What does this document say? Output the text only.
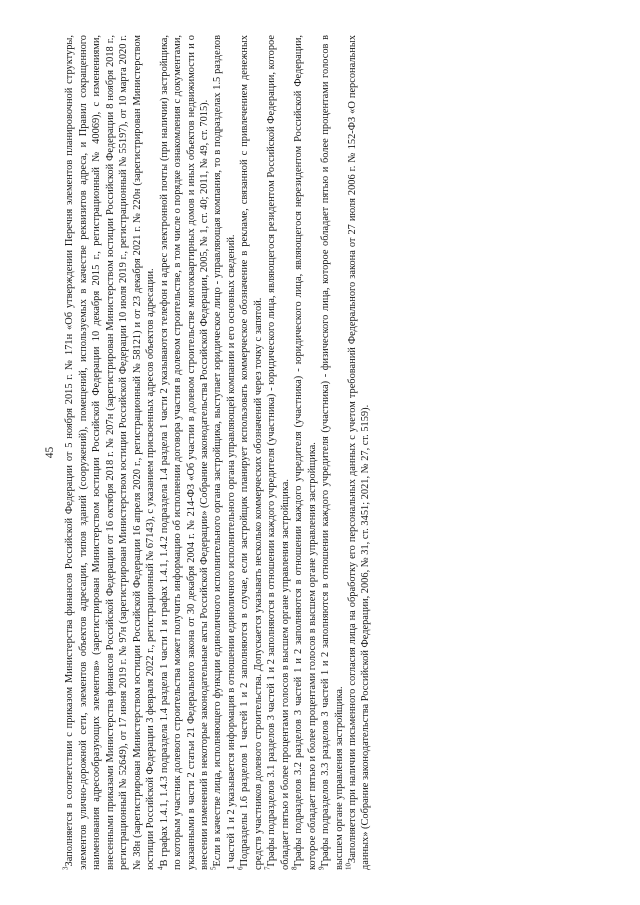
45

$^3$Заполняется в соответствии с приказом Министерства финансов Российской Федерации от 5 ноября 2015 г. № 171н «Об утверждении Перечня элементов планировочной структуры, элементов улично-дорожной сети, элементов объектов адресации, типов зданий (сооружений), помещений, используемых в качестве реквизитов адреса, и Правил сокращенного наименования адресообразующих элементов» (зарегистрирован Министерством юстиции Российской Федерации 10 декабря 2015 г., регистрационный № 40069), с изменениями, внесенными приказами Министерства финансов Российской Федерации от 16 октября 2018 г. № 207н (зарегистрирован Министерством юстиции Российской Федерации 8 ноября 2018 г., регистрационный № 52649), от 17 июня 2019 г. № 97н (зарегистрирован Министерством юстиции Российской Федерации 10 июля 2019 г., регистрационный № 55197), от 10 марта 2020 г. № 38н (зарегистрирован Министерством юстиции Российской Федерации 16 апреля 2020 г., регистрационный № 58121) и от 23 декабря 2021 г. № 220н (зарегистрирован Министерством юстиции Российской Федерации 3 февраля 2022 г., регистрационный № 67143), с указанием присвоенных адресов объектов адресации. $^4$В графах 1.4.1, 1.4.3 подраздела 1.4 раздела 1 части 1 и графах 1.4.1, 1.4.2 подраздела 1.4 раздела 1 части 2 указываются телефон и адрес электронной почты (при наличии) застройщика, по которым участник долевого строительства может получить информацию об исполнении договора участия в долевом строительстве, в том числе о порядке ознакомления с документами, указанными в части 2 статьи 21 Федерального закона от 30 декабря 2004 г. № 214-ФЗ «Об участии в долевом строительстве многоквартирных домов и иных объектов недвижимости и о внесении изменений в некоторые законодательные акты Российской Федерации» (Собрание законодательства Российской Федерации, 2005, № 1, ст. 40; 2011, № 49, ст. 7015). $^5$Если в качестве лица, исполняющего функции единоличного исполнительного органа застройщика, выступает юридическое лицо - управляющая компания, то в подразделах 1.5 разделов 1 частей 1 и 2 указывается информация в отношении единоличного исполнительного органа управляющей компании и его основных сведений. $^6$Подразделы 1.6 разделов 1 частей 1 и 2 заполняются в случае, если застройщик планирует использовать коммерческое обозначение в рекламе, связанной с привлечением денежных средств участников долевого строительства. Допускается указывать несколько коммерческих обозначений через точку с запятой. $^7$Графы подразделов 3.1 разделов 3 частей 1 и 2 заполняются в отношении каждого учредителя (участника) - юридического лица, являющегося резидентом Российской Федерации, которое обладает пятью и более процентами голосов в высшем органе управления застройщика. $^8$Графы подразделов 3.2 разделов 3 частей 1 и 2 заполняются в отношении каждого учредителя (участника) - юридического лица, являющегося нерезидентом Российской Федерации, которое обладает пятью и более процентами голосов в высшем органе управления застройщика. $^9$Графы подразделов 3.3 разделов 3 частей 1 и 2 заполняются в отношении каждого учредителя (участника) - физического лица, которое обладает пятью и более процентами голосов в высшем органе управления застройщика. $^{10}$Заполняется при наличии письменного согласия лица на обработку его персональных данных с учетом требований Федерального закона от 27 июля 2006 г. № 152-ФЗ «О персональных данных» (Собрание законодательства Российской Федерации, 2006, № 31, ст. 3451; 2021, № 27, ст. 5159).
